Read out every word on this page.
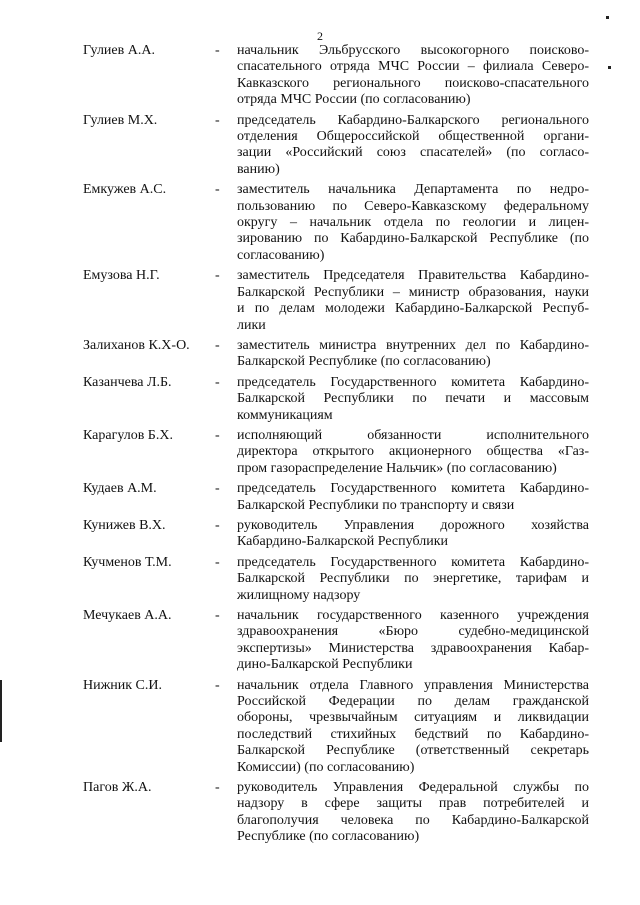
2
Гулиев А.А.	-	начальник Эльбрусского высокогорного поисково-
спасательного отряда МЧС России – филиала Северо-
Кавказского регионального поисково-спасательного
отряда МЧС России (по согласованию)
Гулиев М.Х.	-	председатель Кабардино-Балкарского регионального
отделения Общероссийской общественной органи-
зации «Российский союз спасателей» (по согласо-
ванию)
Емкужев А.С.	-	заместитель начальника Департамента по недро-
пользованию по Северо-Кавказскому федеральному
округу – начальник отдела по геологии и лицен-
зированию по Кабардино-Балкарской Республике (по
согласованию)
Емузова Н.Г.	-	заместитель Председателя Правительства Кабардино-
Балкарской Республики – министр образования, науки
и по делам молодежи Кабардино-Балкарской Респуб-
лики
Залиханов К.Х-О.	-	заместитель министра внутренних дел по Кабардино-
Балкарской Республике (по согласованию)
Казанчева Л.Б.	-	председатель Государственного комитета Кабардино-
Балкарской Республики по печати и массовым
коммуникациям
Карагулов Б.Х.	-	исполняющий обязанности исполнительного
директора открытого акционерного общества «Газ-
пром газораспределение Нальчик» (по согласованию)
Кудаев А.М.	-	председатель Государственного комитета Кабардино-
Балкарской Республики по транспорту и связи
Кунижев В.Х.	-	руководитель Управления дорожного хозяйства
Кабардино-Балкарской Республики
Кучменов Т.М.	-	председатель Государственного комитета Кабардино-
Балкарской Республики по энергетике, тарифам и
жилищному надзору
Мечукаев А.А.	-	начальник государственного казенного учреждения
здравоохранения «Бюро судебно-медицинской
экспертизы» Министерства здравоохранения Кабар-
дино-Балкарской Республики
Нижник С.И.	-	начальник отдела Главного управления Министерства
Российской Федерации по делам гражданской
обороны, чрезвычайным ситуациям и ликвидации
последствий стихийных бедствий по Кабардино-
Балкарской Республике (ответственный секретарь
Комиссии) (по согласованию)
Пагов Ж.А.	-	руководитель Управления Федеральной службы по
надзору в сфере защиты прав потребителей и
благополучия человека по Кабардино-Балкарской
Республике (по согласованию)
